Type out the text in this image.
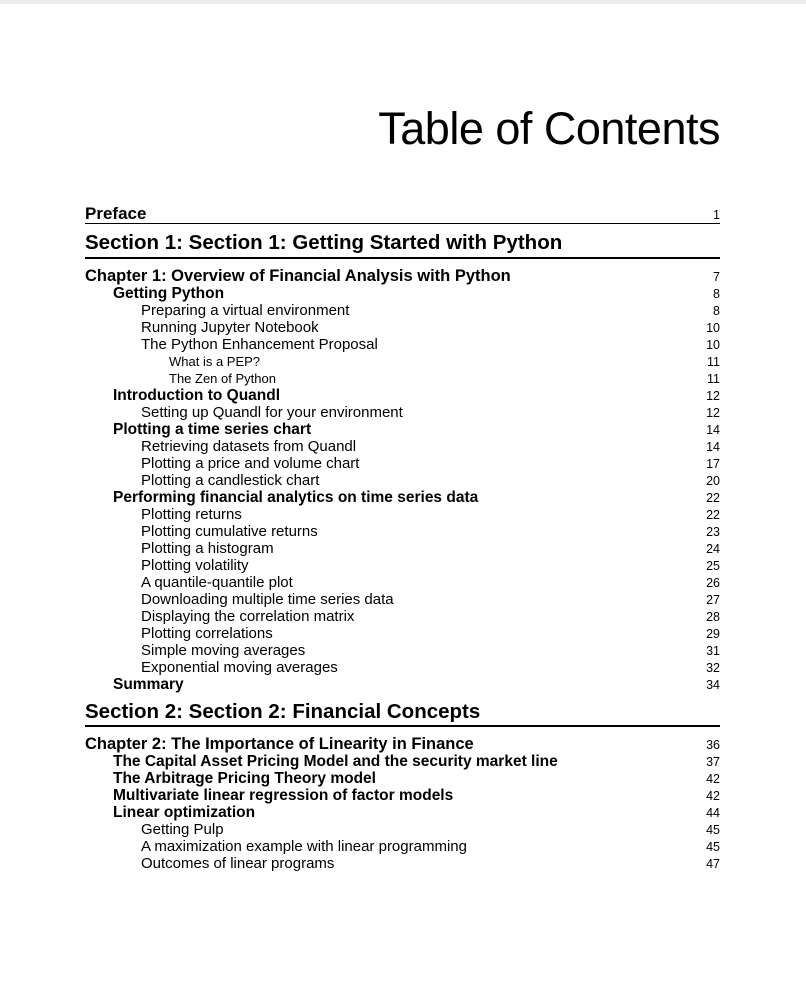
Table of Contents
Preface	1
Section 1: Section 1: Getting Started with Python
Chapter 1: Overview of Financial Analysis with Python	7
Getting Python	8
Preparing a virtual environment	8
Running Jupyter Notebook	10
The Python Enhancement Proposal	10
What is a PEP?	11
The Zen of Python	11
Introduction to Quandl	12
Setting up Quandl for your environment	12
Plotting a time series chart	14
Retrieving datasets from Quandl	14
Plotting a price and volume chart	17
Plotting a candlestick chart	20
Performing financial analytics on time series data	22
Plotting returns	22
Plotting cumulative returns	23
Plotting a histogram	24
Plotting volatility	25
A quantile-quantile plot	26
Downloading multiple time series data	27
Displaying the correlation matrix	28
Plotting correlations	29
Simple moving averages	31
Exponential moving averages	32
Summary	34
Section 2: Section 2: Financial Concepts
Chapter 2: The Importance of Linearity in Finance	36
The Capital Asset Pricing Model and the security market line	37
The Arbitrage Pricing Theory model	42
Multivariate linear regression of factor models	42
Linear optimization	44
Getting Pulp	45
A maximization example with linear programming	45
Outcomes of linear programs	47
